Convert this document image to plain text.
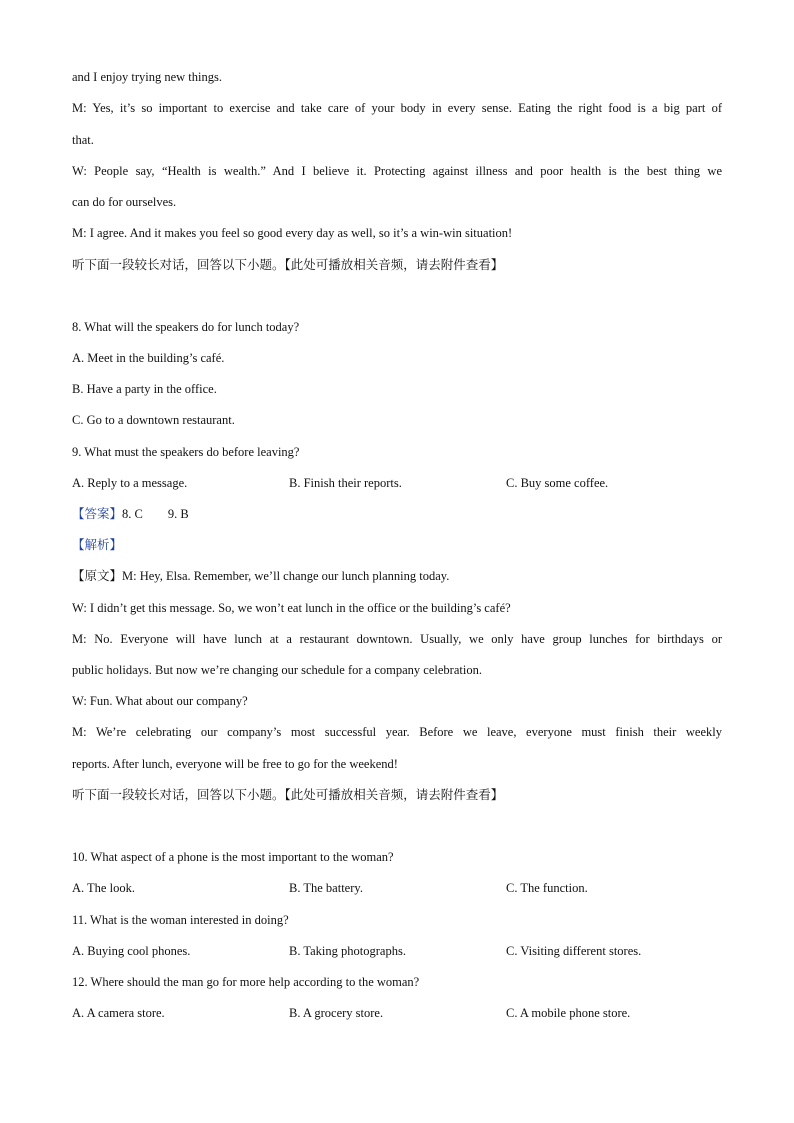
and I enjoy trying new things.
M: Yes, it’s so important to exercise and take care of your body in every sense. Eating the right food is a big part of
that.
W: People say, “Health is wealth.” And I believe it. Protecting against illness and poor health is the best thing we
can do for ourselves.
M: I agree. And it makes you feel so good every day as well, so it’s a win-win situation!
听下面一段较长对话，回答以下小题。【此处可播放相关音频，请去附件查看】
8. What will the speakers do for lunch today?
A. Meet in the building’s café.
B. Have a party in the office.
C. Go to a downtown restaurant.
9. What must the speakers do before leaving?
A. Reply to a message.	B. Finish their reports.	C. Buy some coffee.
【答案】8. C        9. B
【解析】
【原文】M: Hey, Elsa. Remember, we’ll change our lunch planning today.
W: I didn’t get this message. So, we won’t eat lunch in the office or the building’s café?
M: No. Everyone will have lunch at a restaurant downtown. Usually, we only have group lunches for birthdays or
public holidays. But now we’re changing our schedule for a company celebration.
W: Fun. What about our company?
M: We’re celebrating our company’s most successful year. Before we leave, everyone must finish their weekly
reports. After lunch, everyone will be free to go for the weekend!
听下面一段较长对话，回答以下小题。【此处可播放相关音频，请去附件查看】
10. What aspect of a phone is the most important to the woman?
A. The look.	B. The battery.	C. The function.
11. What is the woman interested in doing?
A. Buying cool phones.	B. Taking photographs.	C. Visiting different stores.
12. Where should the man go for more help according to the woman?
A. A camera store.	B. A grocery store.	C. A mobile phone store.
